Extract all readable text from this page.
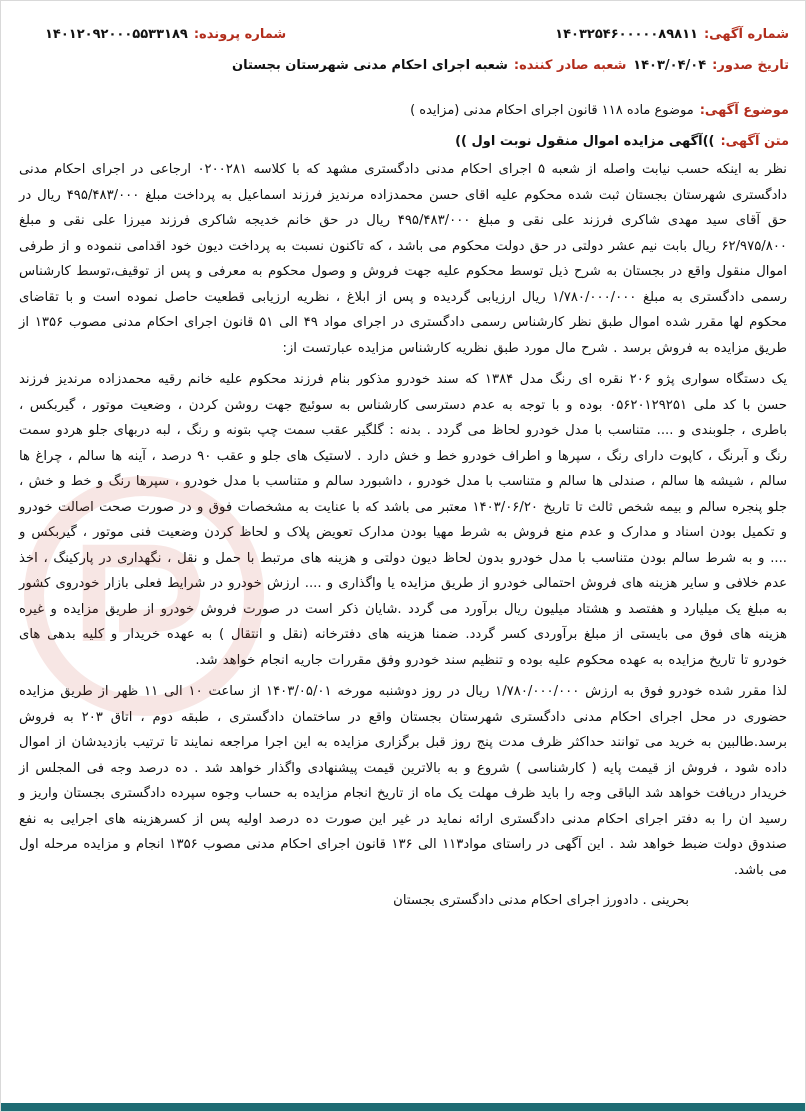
شماره آگهی:
۱۴۰۳۲۵۴۶۰۰۰۰۰۸۹۸۱۱
شماره پرونده:
۱۴۰۱۲۰۹۲۰۰۰۵۵۳۳۱۸۹
تاریخ صدور:
۱۴۰۳/۰۴/۰۴
شعبه صادر کننده:
شعبه اجرای احکام مدنی شهرستان بجستان
موضوع آگهی:
موضوع ماده ۱۱۸ قانون اجرای احکام مدنی (مزایده )
متن آگهی:
))آگهی مزایده اموال منقول نوبت اول ))

نظر به اینکه حسب نیابت واصله از شعبه ۵ اجرای احکام مدنی دادگستری مشهد که با کلاسه ۰۲۰۰۲۸۱ ارجاعی در اجرای احکام مدنی دادگستری شهرستان بجستان ثبت شده محکوم علیه اقای حسن محمدزاده مرندیز فرزند اسماعیل به پرداخت مبلغ ۴۹۵/۴۸۳/۰۰۰ ریال در حق آقای سید مهدی شاکری فرزند علی نقی و مبلغ ۴۹۵/۴۸۳/۰۰۰ ریال در حق خانم خدیجه شاکری فرزند میرزا علی نقی و مبلغ ۶۲/۹۷۵/۸۰۰ ریال بابت نیم عشر دولتی در حق دولت محکوم می باشد ، که تاکنون نسبت به پرداخت دیون خود اقدامی ننموده و از طرفی اموال منقول واقع در بجستان به شرح ذیل توسط محکوم علیه جهت فروش و وصول محکوم به معرفی و پس از توقیف،توسط کارشناس رسمی دادگستری به مبلغ ۱/۷۸۰/۰۰۰/۰۰۰ ریال ارزیابی گردیده و پس از ابلاغ ، نظریه ارزیابی قطعیت حاصل نموده است و با تقاضای محکوم لها مقرر شده اموال طبق نظر کارشناس رسمی دادگستری در اجرای مواد ۴۹ الی ۵۱ قانون اجرای احکام مدنی مصوب ۱۳۵۶ از طریق مزایده به فروش برسد . شرح مال مورد طبق نظریه کارشناس مزایده عبارتست از:

یک دستگاه سواری پژو ۲۰۶ نقره ای رنگ مدل ۱۳۸۴ که سند خودرو مذکور بنام فرزند محکوم علیه خانم رقیه محمدزاده مرندیز فرزند حسن با کد ملی ۰۵۶۲۰۱۲۹۲۵۱ بوده و با توجه به عدم دسترسی کارشناس به سوئیچ جهت روشن کردن ، وضعیت موتور ، گیربکس ، باطری ، جلوبندی و .... متناسب با مدل خودرو لحاظ می گردد . بدنه : گلگیر عقب سمت چپ بتونه و رنگ ، لبه دربهای جلو هردو سمت رنگ و آبرنگ ، کاپوت دارای رنگ ، سپرها و اطراف خودرو خط و خش دارد . لاستیک های جلو و عقب ۹۰ درصد ، آینه ها سالم ، چراغ ها سالم ، شیشه ها سالم ، صندلی ها سالم و متناسب با مدل خودرو ، داشبورد سالم و متناسب با مدل خودرو ، سپرها رنگ و خط و خش ، جلو پنجره سالم و بیمه شخص ثالث تا تاریخ ۱۴۰۳/۰۶/۲۰ معتبر می باشد که با عنایت به مشخصات فوق و در صورت صحت اصالت خودرو و تکمیل بودن اسناد و مدارک و عدم منع فروش به شرط مهیا بودن مدارک تعویض پلاک و لحاظ کردن وضعیت فنی موتور ، گیربکس و .... و به شرط سالم بودن متناسب با مدل خودرو بدون لحاظ دیون دولتی و هزینه های مرتبط با حمل و نقل ، نگهداری در پارکینگ ، اخذ عدم خلافی و سایر هزینه های فروش احتمالی خودرو از طریق مزایده یا واگذاری و .... ارزش خودرو در شرایط فعلی بازار خودروی کشور به مبلغ یک میلیارد و هفتصد و هشتاد میلیون ریال برآورد می گردد .شایان ذکر است در صورت فروش خودرو از طریق مزایده و غیره هزینه های فوق می بایستی از مبلغ برآوردی کسر گردد. ضمنا هزینه های دفترخانه (نقل و انتقال ) به عهده خریدار و کلیه بدهی های خودرو تا تاریخ مزایده به عهده محکوم علیه بوده و تنظیم سند خودرو وفق مقررات جاریه انجام خواهد شد.

لذا مقرر شده خودرو فوق به ارزش ۱/۷۸۰/۰۰۰/۰۰۰ ریال در روز دوشنبه مورخه ۱۴۰۳/۰۵/۰۱ از ساعت ۱۰ الی ۱۱ ظهر از طریق مزایده حضوری در محل اجرای احکام مدنی دادگستری شهرستان بجستان واقع در ساختمان دادگستری ، طبقه دوم ، اتاق ۲۰۳ به فروش برسد.طالبین به خرید می توانند حداکثر ظرف مدت پنج روز قبل برگزاری مزایده به این اجرا مراجعه نمایند تا ترتیب بازدیدشان از اموال داده شود ، فروش از قیمت پایه ( کارشناسی ) شروع و به بالاترین قیمت پیشنهادی واگذار خواهد شد . ده درصد وجه فی المجلس از خریدار دریافت خواهد شد الباقی وجه را باید ظرف مهلت یک ماه از تاریخ انجام مزایده به حساب وجوه سپرده دادگستری بجستان واریز و رسید ان را به دفتر اجرای احکام مدنی دادگستری ارائه نماید در غیر این صورت ده درصد اولیه پس از کسرهزینه های اجرایی به نفع صندوق دولت ضبط خواهد شد . این آگهی در راستای مواد۱۱۳ الی ۱۳۶ قانون اجرای احکام مدنی مصوب ۱۳۵۶ انجام و مزایده مرحله اول می باشد.

بحرینی . دادورز اجرای احکام مدنی دادگستری بجستان
